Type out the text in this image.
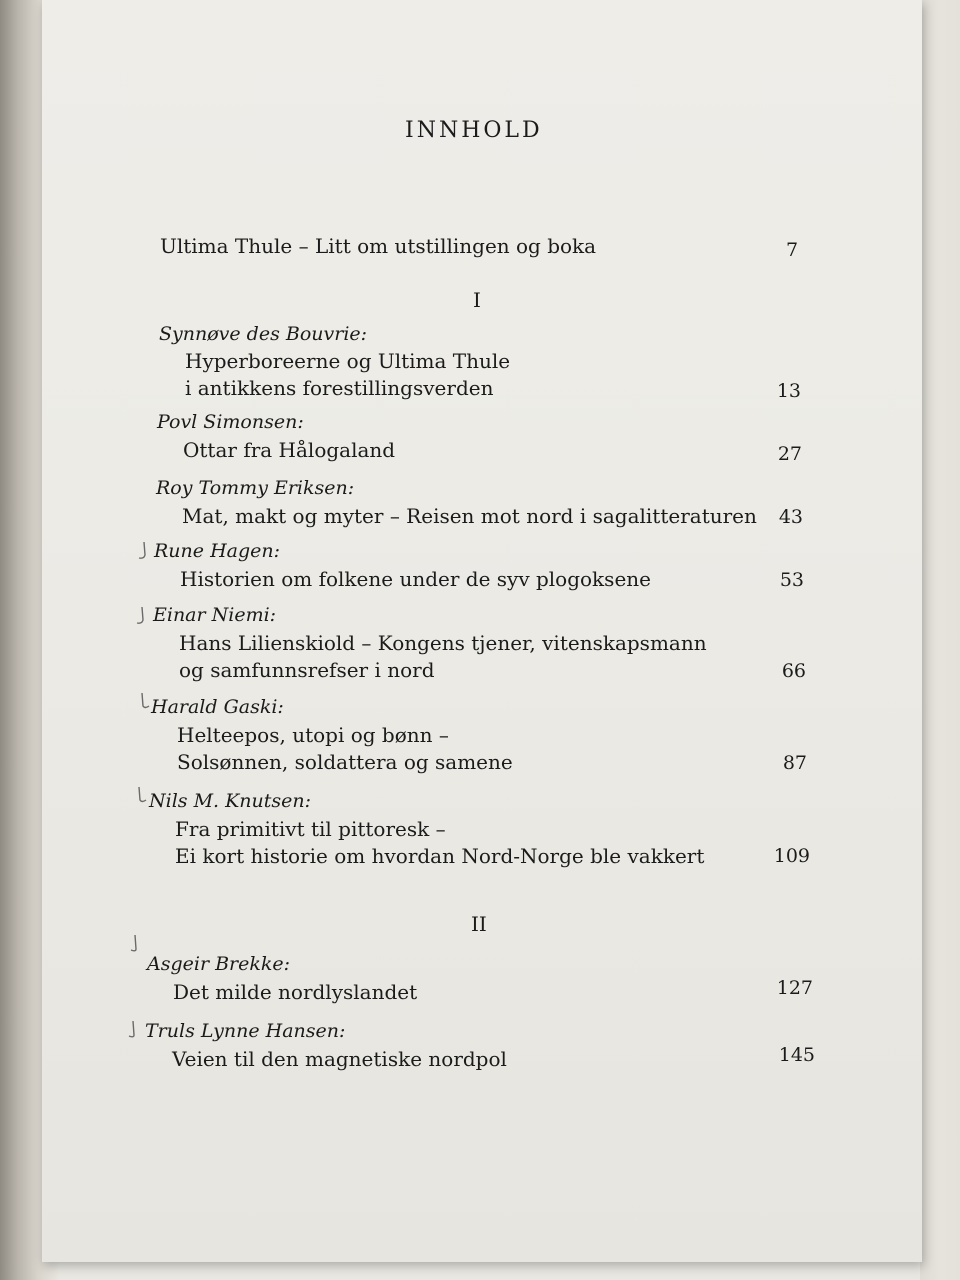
INNHOLD
Ultima Thule – Litt om utstillingen og boka	7
I
Synnøve des Bouvrie:
Hyperboreerne og Ultima Thule
i antikkens forestillingsverden	13
Povl Simonsen:
Ottar fra Hålogaland	27
Roy Tommy Eriksen:
Mat, makt og myter – Reisen mot nord i sagalitteraturen	43
Rune Hagen:
Historien om folkene under de syv plogoksene	53
Einar Niemi:
Hans Lilienskiold – Kongens tjener, vitenskapsmann
og samfunnsrefser i nord	66
Harald Gaski:
Helteepos, utopi og bønn –
Solsønnen, soldattera og samene	87
Nils M. Knutsen:
Fra primitivt til pittoresk –
Ei kort historie om hvordan Nord-Norge ble vakkert	109
II
Asgeir Brekke:
Det milde nordlyslandet	127
Truls Lynne Hansen:
Veien til den magnetiske nordpol	145
